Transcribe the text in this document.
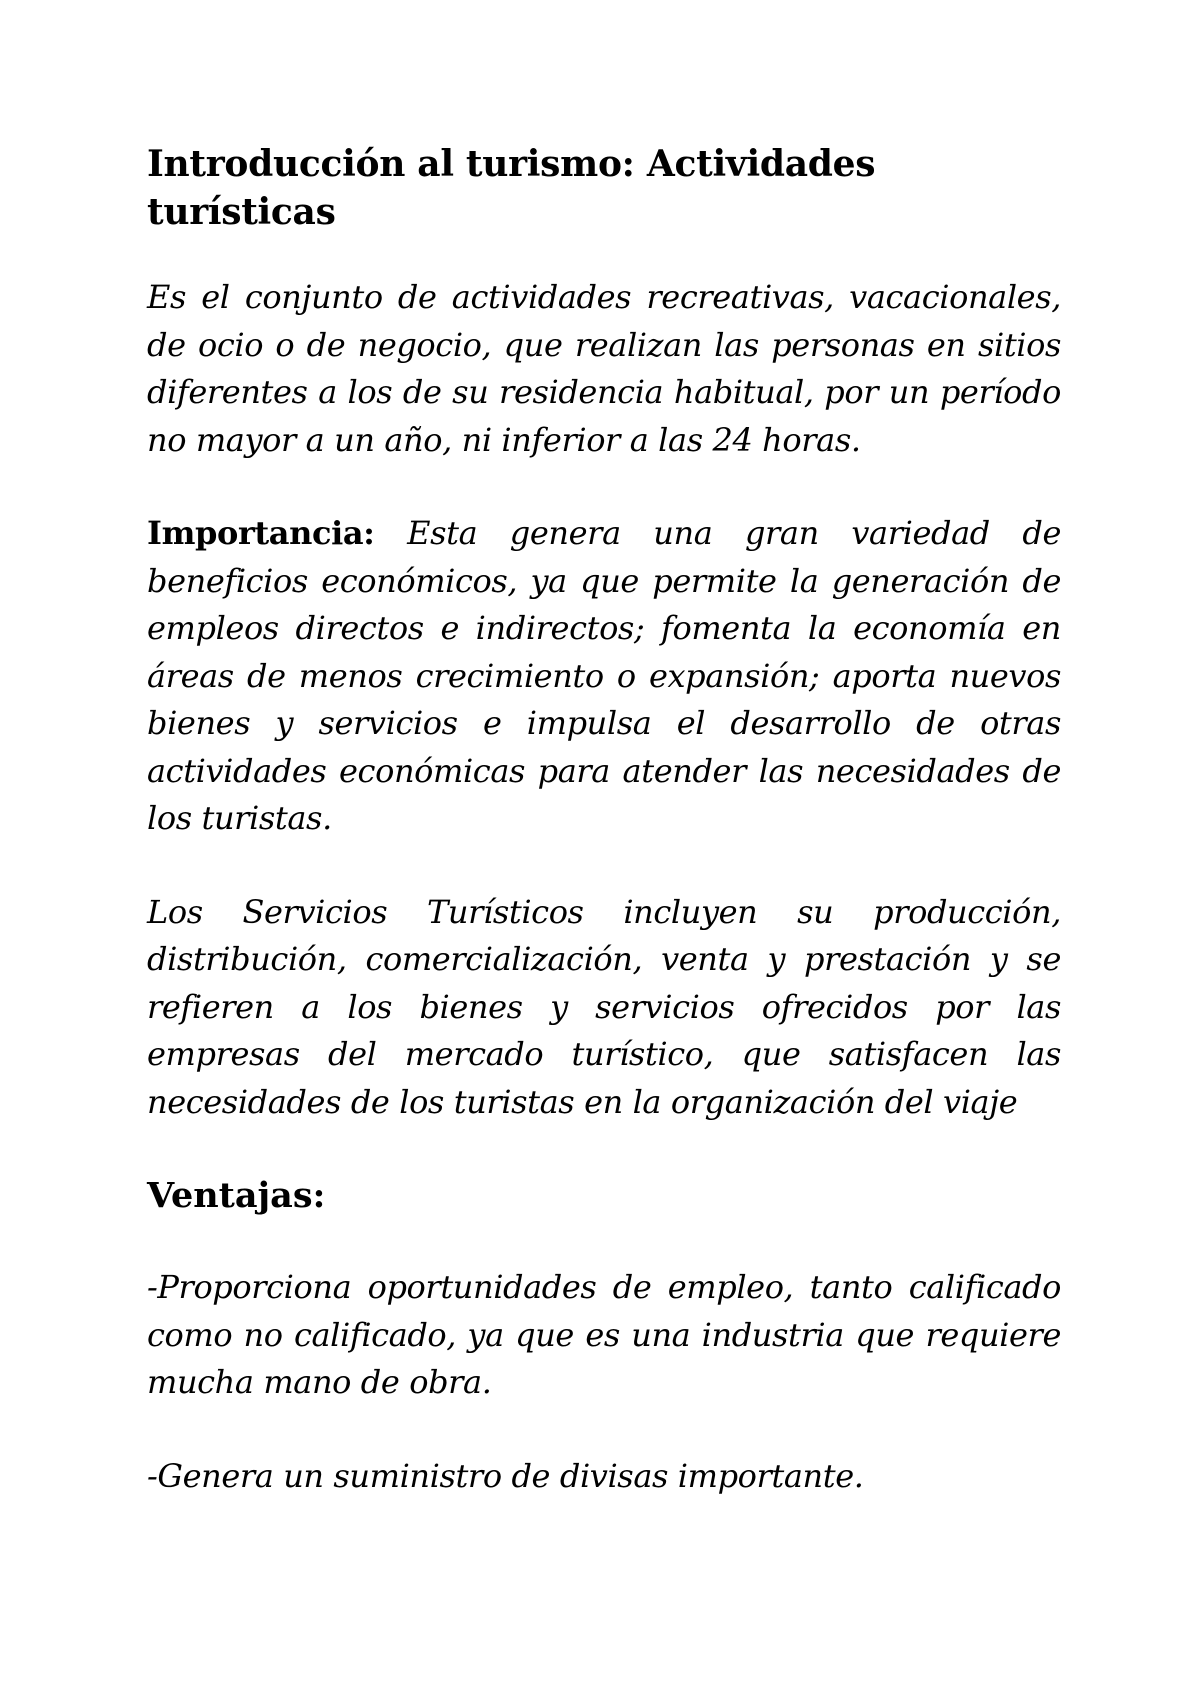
Introducción al turismo: Actividades turísticas

Es el conjunto de actividades recreativas, vacacionales, de ocio o de negocio, que realizan las personas en sitios diferentes a los de su residencia habitual, por un período no mayor a un año, ni inferior a las 24 horas.

Importancia: Esta genera una gran variedad de beneficios económicos, ya que permite la generación de empleos directos e indirectos; fomenta la economía en áreas de menos crecimiento o expansión; aporta nuevos bienes y servicios e impulsa el desarrollo de otras actividades económicas para atender las necesidades de los turistas.

Los Servicios Turísticos incluyen su producción, distribución, comercialización, venta y prestación y se refieren a los bienes y servicios ofrecidos por las empresas del mercado turístico, que satisfacen las necesidades de los turistas en la organización del viaje

Ventajas:

-Proporciona oportunidades de empleo, tanto calificado como no calificado, ya que es una industria que requiere mucha mano de obra.

-Genera un suministro de divisas importante.
